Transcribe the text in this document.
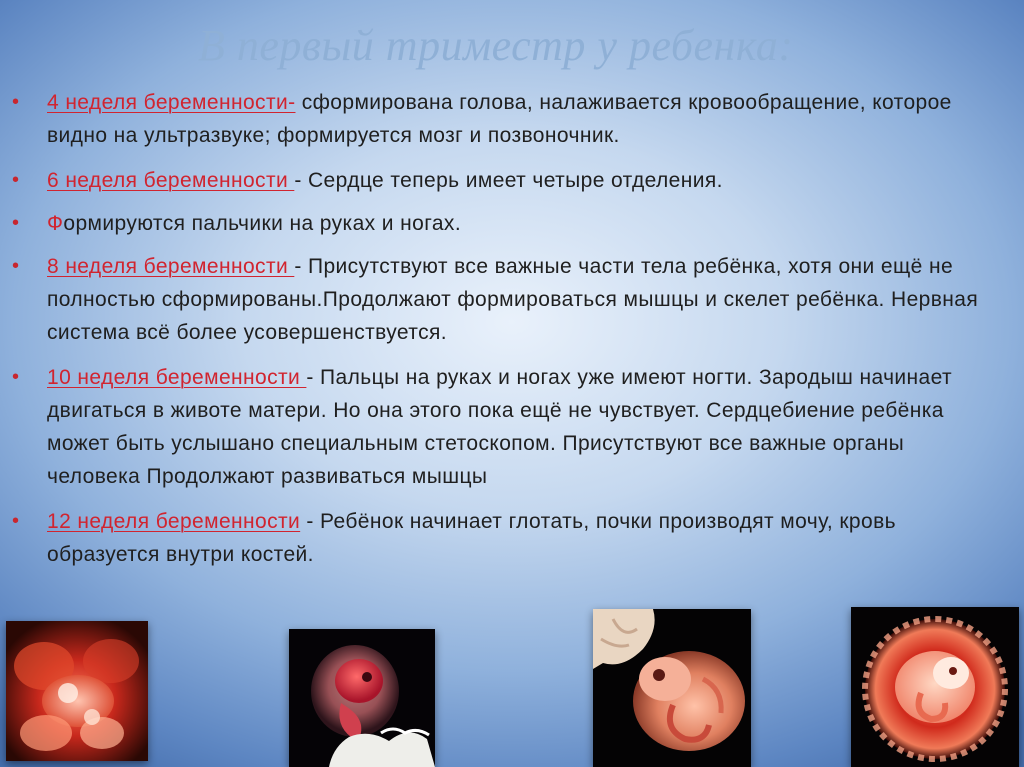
В первый триместр у ребенка:
• 4 неделя беременности- сформирована голова, налаживается кровообращение, которое видно на ультразвуке; формируется мозг и позвоночник.
• 6 неделя беременности - Сердце теперь имеет четыре отделения.
• Формируются пальчики на руках и ногах.
• 8 неделя беременности - Присутствуют все важные части тела ребёнка, хотя они ещё не полностью сформированы.Продолжают формироваться мышцы и скелет ребёнка. Нервная система всё более усовершенствуется.
• 10 неделя беременности - Пальцы на руках и ногах уже имеют ногти. Зародыш начинает двигаться в животе матери. Но она этого пока ещё не чувствует. Сердцебиение ребёнка может быть услышано специальным стетоскопом. Присутствуют все важные органы человека Продолжают развиваться мышцы
• 12 неделя беременности - Ребёнок начинает глотать, почки производят мочу, кровь образуется внутри костей.
